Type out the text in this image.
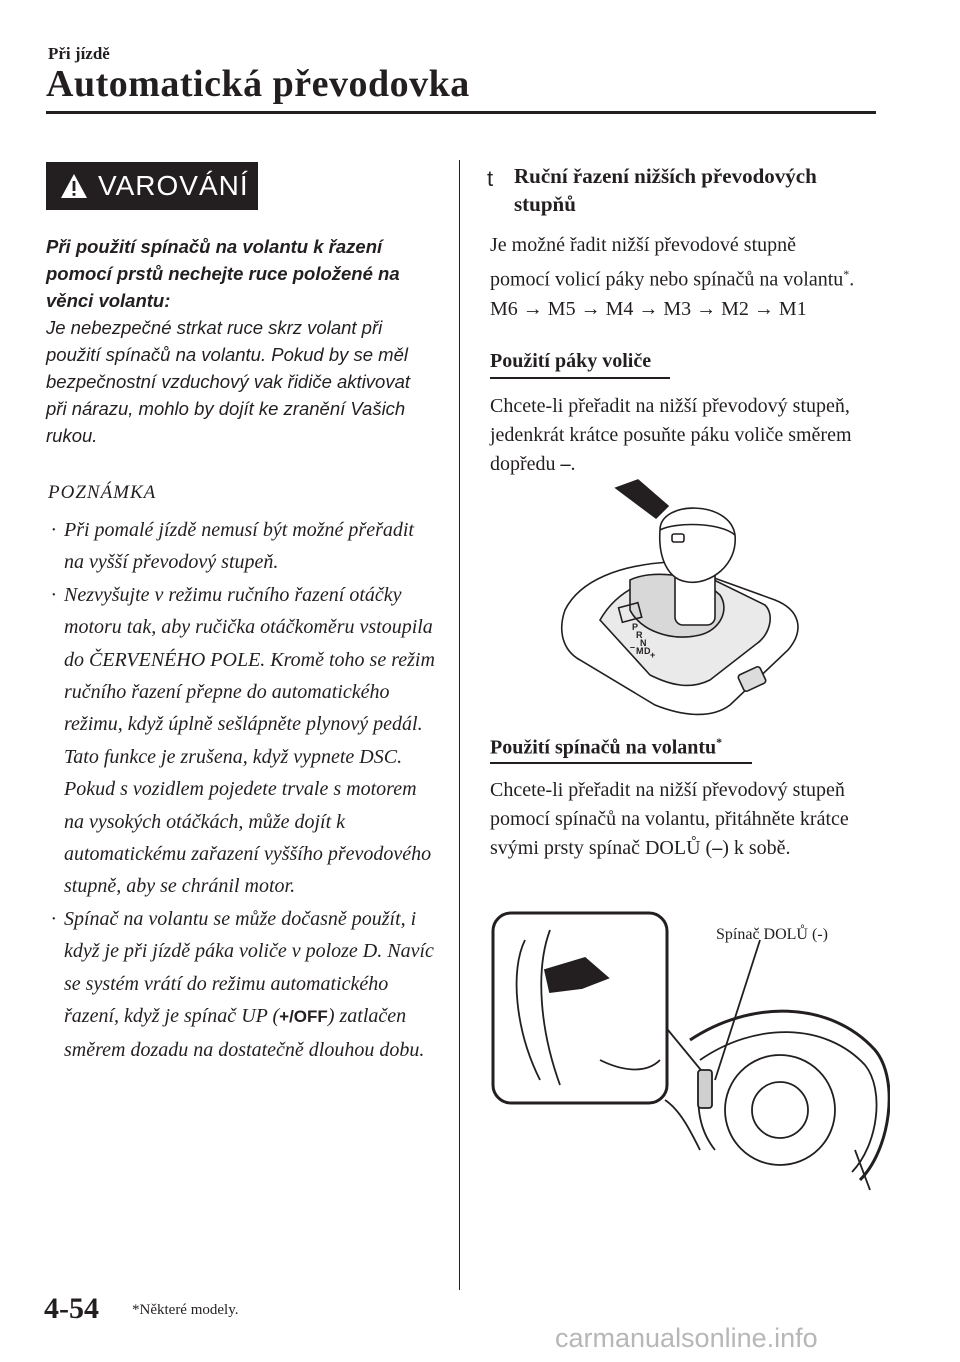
Při jízdě
Automatická převodovka
VAROVÁNÍ
Při použití spínačů na volantu k řazení pomocí prstů nechejte ruce položené na věnci volantu:
Je nebezpečné strkat ruce skrz volant při použití spínačů na volantu. Pokud by se měl bezpečnostní vzduchový vak řidiče aktivovat při nárazu, mohlo by dojít ke zranění Vašich rukou.
POZNÁMKA
· Při pomalé jízdě nemusí být možné přeřadit na vyšší převodový stupeň.
· Nezvyšujte v režimu ručního řazení otáčky motoru tak, aby ručička otáčkoměru vstoupila do ČERVENÉHO POLE. Kromě toho se režim ručního řazení přepne do automatického režimu, když úplně sešlápněte plynový pedál. Tato funkce je zrušena, když vypnete DSC. Pokud s vozidlem pojedete trvale s motorem na vysokých otáčkách, může dojít k automatickému zařazení vyššího převodového stupně, aby se chránil motor.
· Spínač na volantu se může dočasně použít, i když je při jízdě páka voliče v poloze D. Navíc se systém vrátí do režimu automatického řazení, když je spínač UP (+/OFF) zatlačen směrem dozadu na dostatečně dlouhou dobu.
t Ruční řazení nižších převodových stupňů
Je možné řadit nižší převodové stupně pomocí volicí páky nebo spínačů na volantu*.
M6 → M5 → M4 → M3 → M2 → M1
Použití páky voliče
Chcete-li přeřadit na nižší převodový stupeň, jedenkrát krátce posuňte páku voliče směrem dopředu –.
P
R
N
D
M +
–
Použití spínačů na volantu*
Chcete-li přeřadit na nižší převodový stupeň pomocí spínačů na volantu, přitáhněte krátce svými prsty spínač DOLŮ (–) k sobě.
Spínač DOLŮ (-)
4-54 *Některé modely.
carmanualsonline.info
